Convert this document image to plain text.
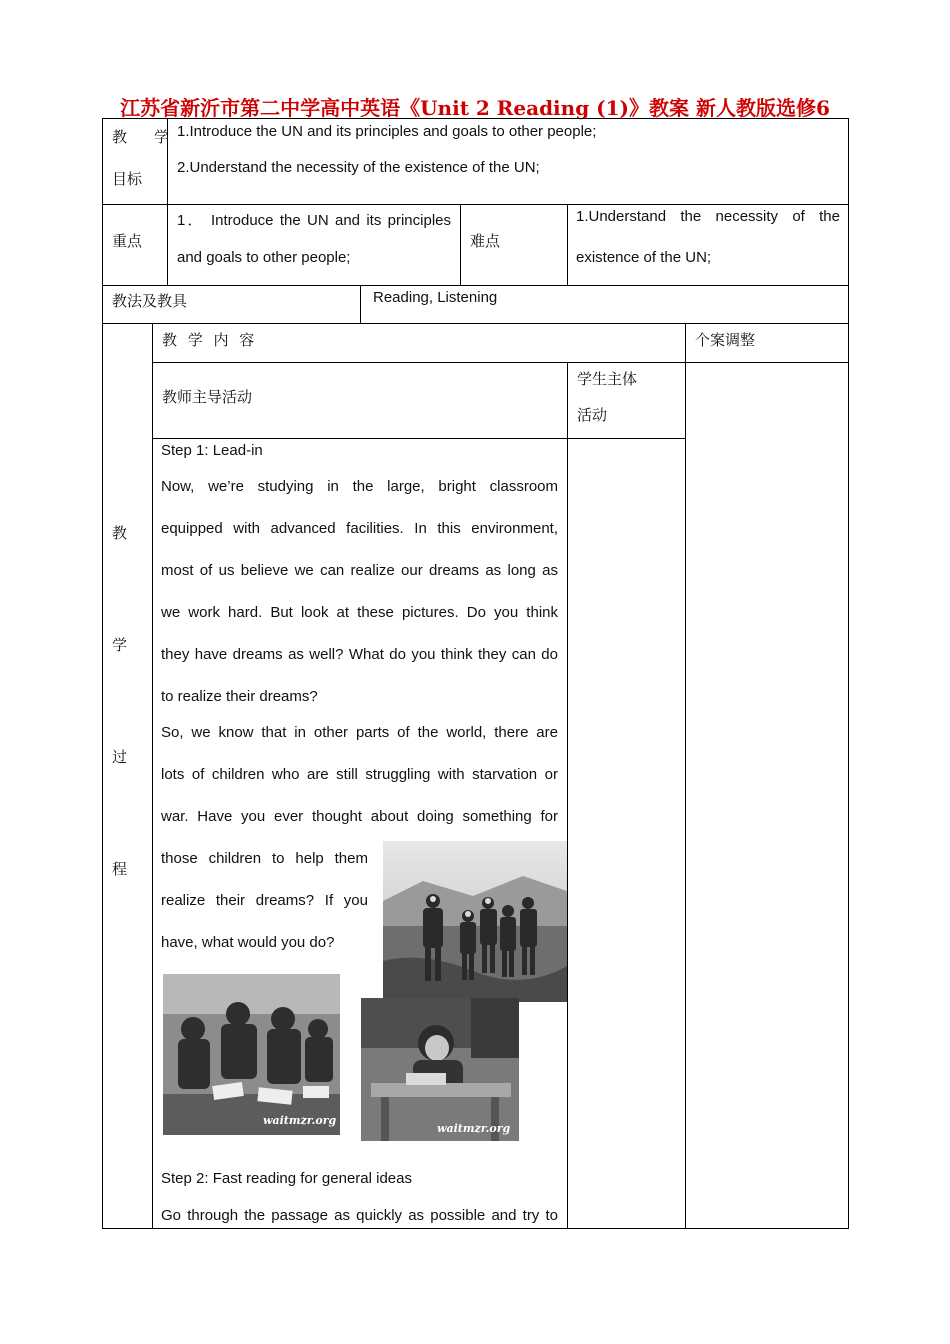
江苏省新沂市第二中学高中英语《Unit 2 Reading (1)》教案 新人教版选修6
教　学
目标
1.Introduce the UN and its principles and goals to other people;
2.Understand the necessity of the existence of the UN;
重点
1． Introduce the UN and its principles
and goals to other people;
难点
1.Understand the necessity of the
existence of the UN;
教法及教具	Reading, Listening
教
学
过
程
教 学 内 容	个案调整
教师主导活动
学生主体
活动
Step 1: Lead-in
Now, we’re studying in the large, bright classroom
equipped with advanced facilities. In this environment,
most of us believe we can realize our dreams as long as
we work hard. But look at these pictures. Do you think
they have dreams as well? What do you think they can do
to realize their dreams?
So, we know that in other parts of the world, there are
lots of children who are still struggling with starvation or
war. Have you ever thought about doing something for
those children to help them
realize their dreams? If you
have, what would you do?
waitmzr.org
waitmzr.org
Step 2: Fast reading for general ideas
Go through the passage as quickly as possible and try to
